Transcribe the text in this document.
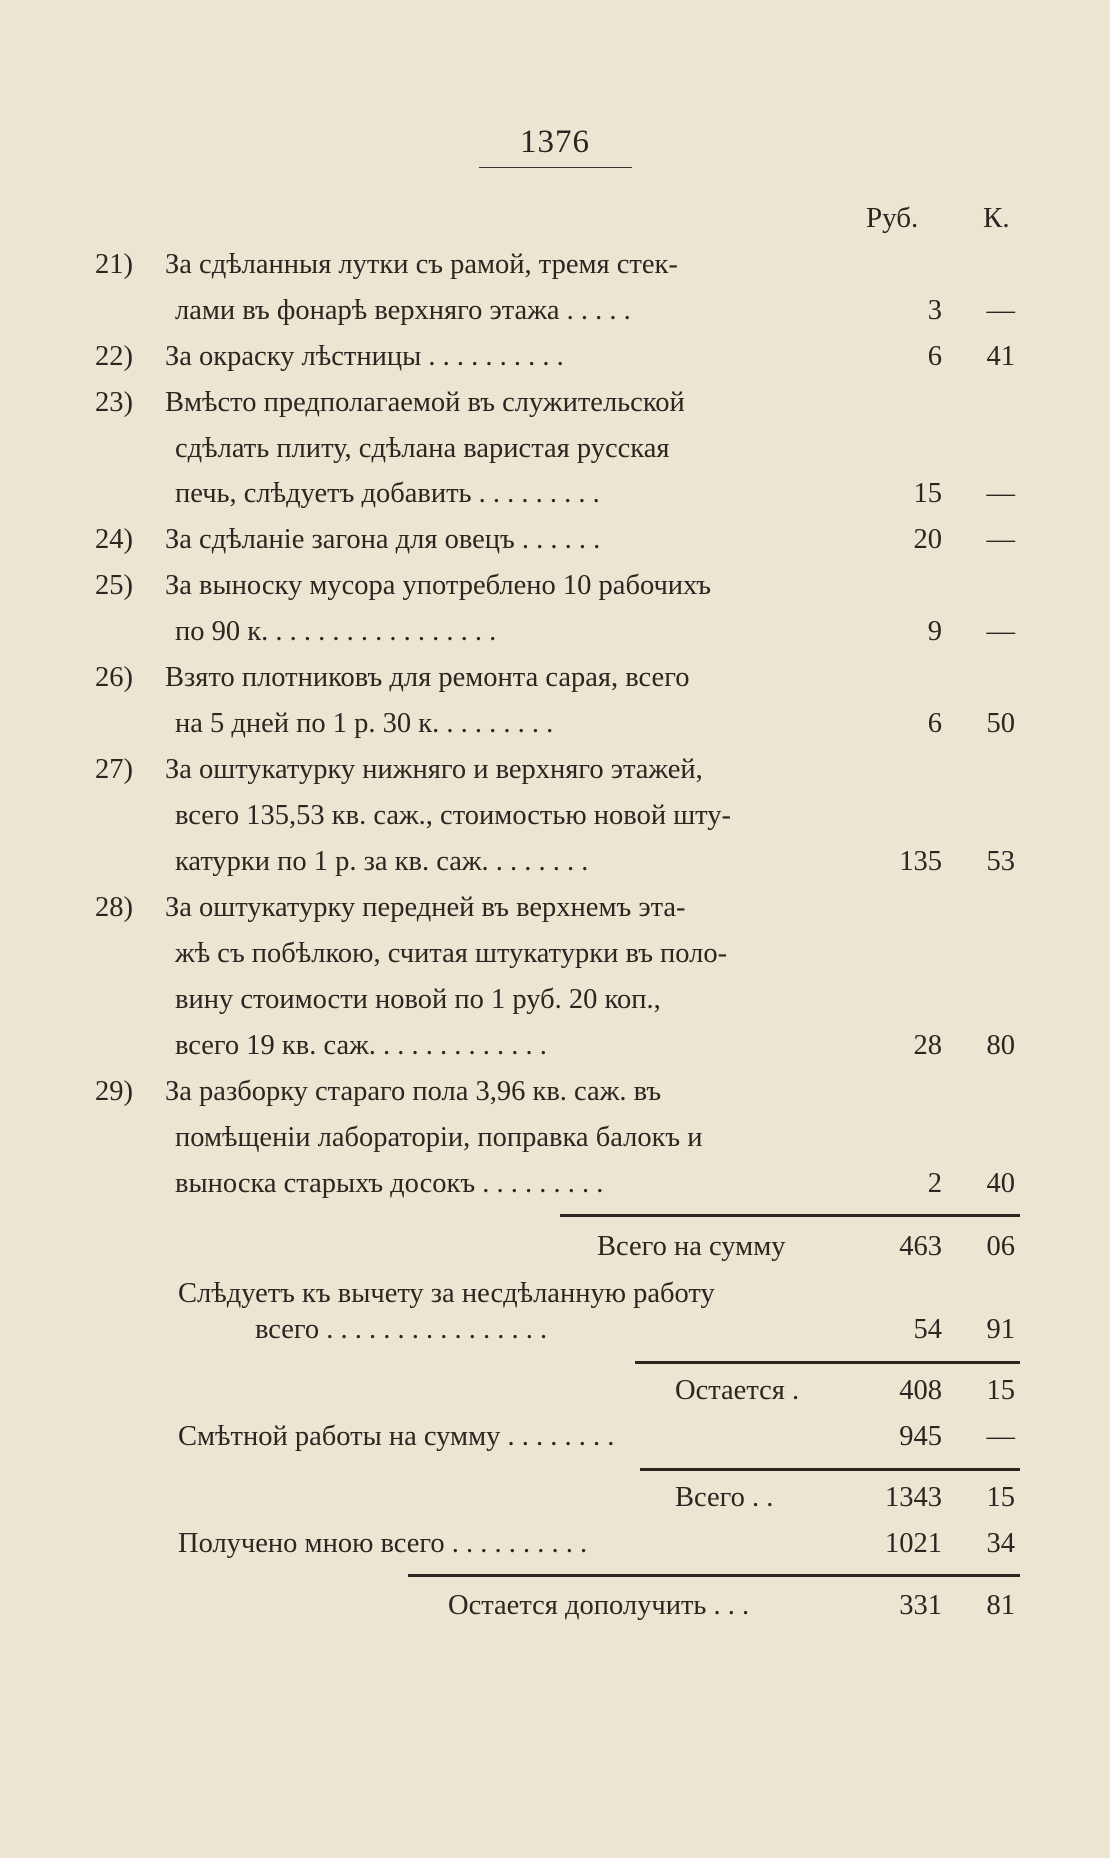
1376
Руб. К.
21) За сдѣланныя лутки съ рамой, тремя стек-
лами въ фонарѣ верхняго этажа . . . . .	3	—
22) За окраску лѣстницы . . . . . . . . . .	6	41
23) Вмѣсто предполагаемой въ служительской
сдѣлать плиту, сдѣлана варистая русская
печь, слѣдуетъ добавить . . . . . . . . .	15	—
24) За сдѣланіе загона для овецъ . . . . . .	20	—
25) За выноску мусора употреблено 10 рабочихъ
по 90 к. . . . . . . . . . . . . . . . .	9	—
26) Взято плотниковъ для ремонта сарая, всего
на 5 дней по 1 р. 30 к. . . . . . . . .	6	50
27) За оштукатурку нижняго и верхняго этажей,
всего 135,53 кв. саж., стоимостью новой шту-
катурки по 1 р. за кв. саж. . . . . . . .	135	53
28) За оштукатурку передней въ верхнемъ эта-
жѣ съ побѣлкою, считая штукатурки въ поло-
вину стоимости новой по 1 руб. 20 коп.,
всего 19 кв. саж. . . . . . . . . . . . .	28	80
29) За разборку стараго пола 3,96 кв. саж. въ
помѣщеніи лабораторіи, поправка балокъ и
выноска старыхъ досокъ . . . . . . . . .	2	40
Всего на сумму	463	06
Слѣдуетъ къ вычету за несдѣланную работу
всего . . . . . . . . . . . . . . . .	54	91
Остается .	408	15
Смѣтной работы на сумму . . . . . . . .	945	—
Всего . .	1343	15
Получено мною всего . . . . . . . . . .	1021	34
Остается дополучить . . .	331	81
